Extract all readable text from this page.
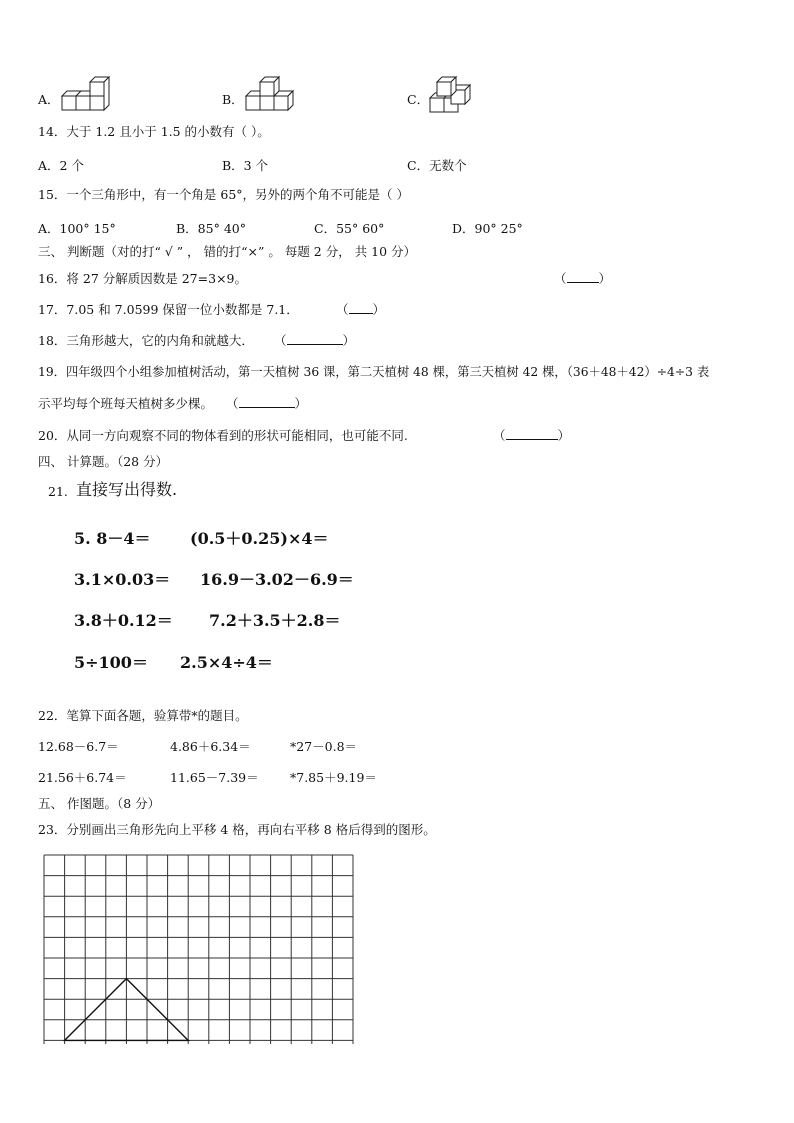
A．	B．	C．
14．大于 1.2 且小于 1.5 的小数有（ ）。
A．2 个	B．3 个	C．无数个
15．一个三角形中，有一个角是 65°，另外的两个角不可能是（ ）
A．100° 15°	B．85° 40°	C．55° 60°	D．90° 25°
三、 判断题（对的打“ √ ” ， 错的打“×” 。 每题 2 分， 共 10 分）
16．将 27 分解质因数是 27=3×9。	（	）
17．7.05 和 7.0599 保留一位小数都是 7.1．	（ ）
18．三角形越大，它的内角和就越大． （	）
19．四年级四个小组参加植树活动，第一天植树 36 课，第二天植树 48 棵，第三天植树 42 棵，（36＋48＋42）÷4÷3 表
示平均每个班每天植树多少棵。 （	）
20．从同一方向观察不同的物体看到的形状可能相同，也可能不同.	（	）
四、 计算题。（28 分）
21. 直接写出得数.
5. 8－4＝ (0.5＋0.25)×4＝
3.1×0.03＝ 16.9－3.02－6.9＝
3.8＋0.12＝ 7.2＋3.5＋2.8＝
5÷100＝ 2.5×4÷4＝
22．笔算下面各题，验算带*的题目。
12.68－6.7＝	4.86＋6.34＝	*27－0.8＝
21.56＋6.74＝	11.65－7.39＝	*7.85＋9.19＝
五、 作图题。（8 分）
23．分别画出三角形先向上平移 4 格，再向右平移 8 格后得到的图形。
